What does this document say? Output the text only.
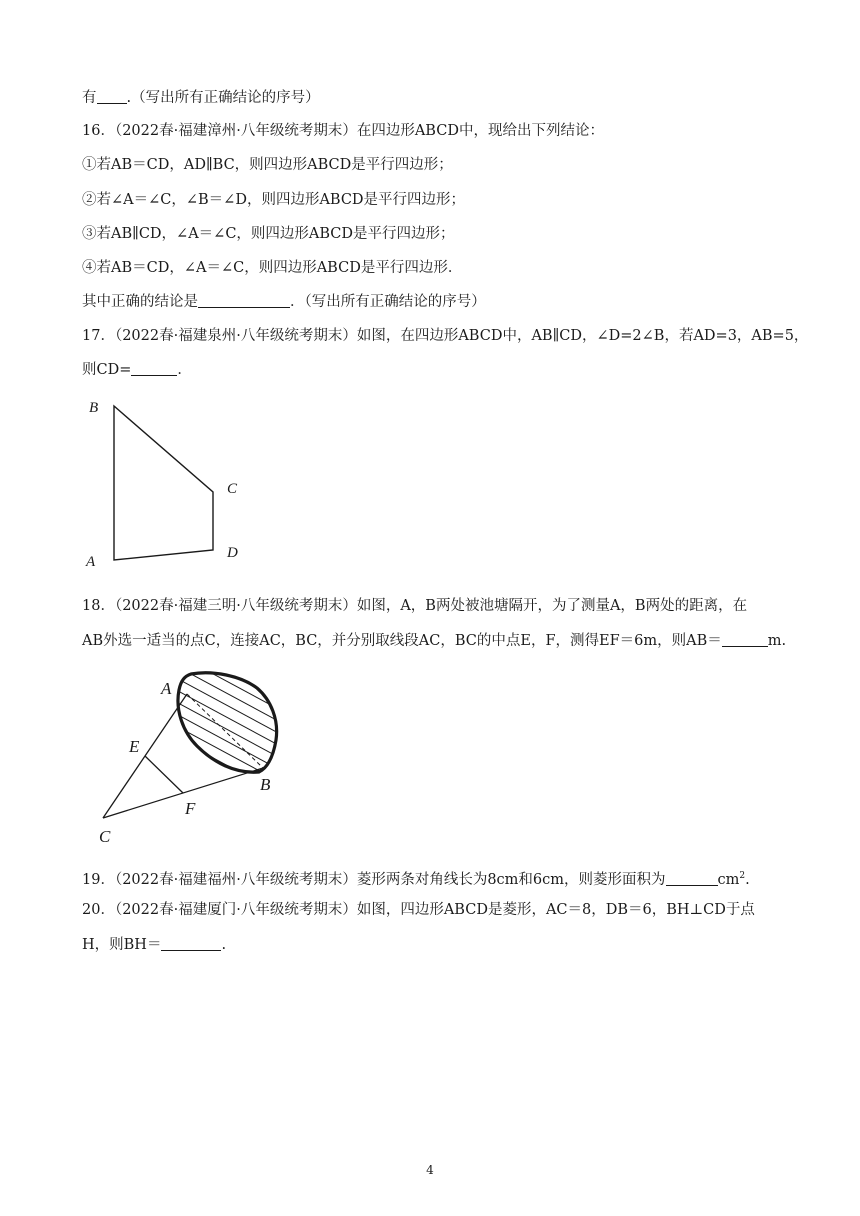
有 .（写出所有正确结论的序号）
16．（2022春·福建漳州·八年级统考期末）在四边形ABCD中，现给出下列结论：
①若AB＝CD，AD∥BC，则四边形ABCD是平行四边形；
②若∠A＝∠C，∠B＝∠D，则四边形ABCD是平行四边形；
③若AB∥CD，∠A＝∠C，则四边形ABCD是平行四边形；
④若AB＝CD，∠A＝∠C，则四边形ABCD是平行四边形．
其中正确的结论是	．（写出所有正确结论的序号）
17．（2022春·福建泉州·八年级统考期末）如图，在四边形ABCD中，AB∥CD，∠D=2∠B，若AD=3，AB=5，
则CD=	．
B
C
A
D
18．（2022春·福建三明·八年级统考期末）如图，A，B两处被池塘隔开，为了测量A，B两处的距离，在
AB外选一适当的点C，连接AC，BC，并分别取线段AC，BC的中点E，F，测得EF＝6m，则AB＝	m.
A
E
B
F
C
19．（2022春·福建福州·八年级统考期末）菱形两条对角线长为8cm和6cm，则菱形面积为	$cm^2$.
20．（2022春·福建厦门·八年级统考期末）如图，四边形ABCD是菱形，AC＝8，DB＝6，BH⊥CD于点
H，则BH＝	.
4
